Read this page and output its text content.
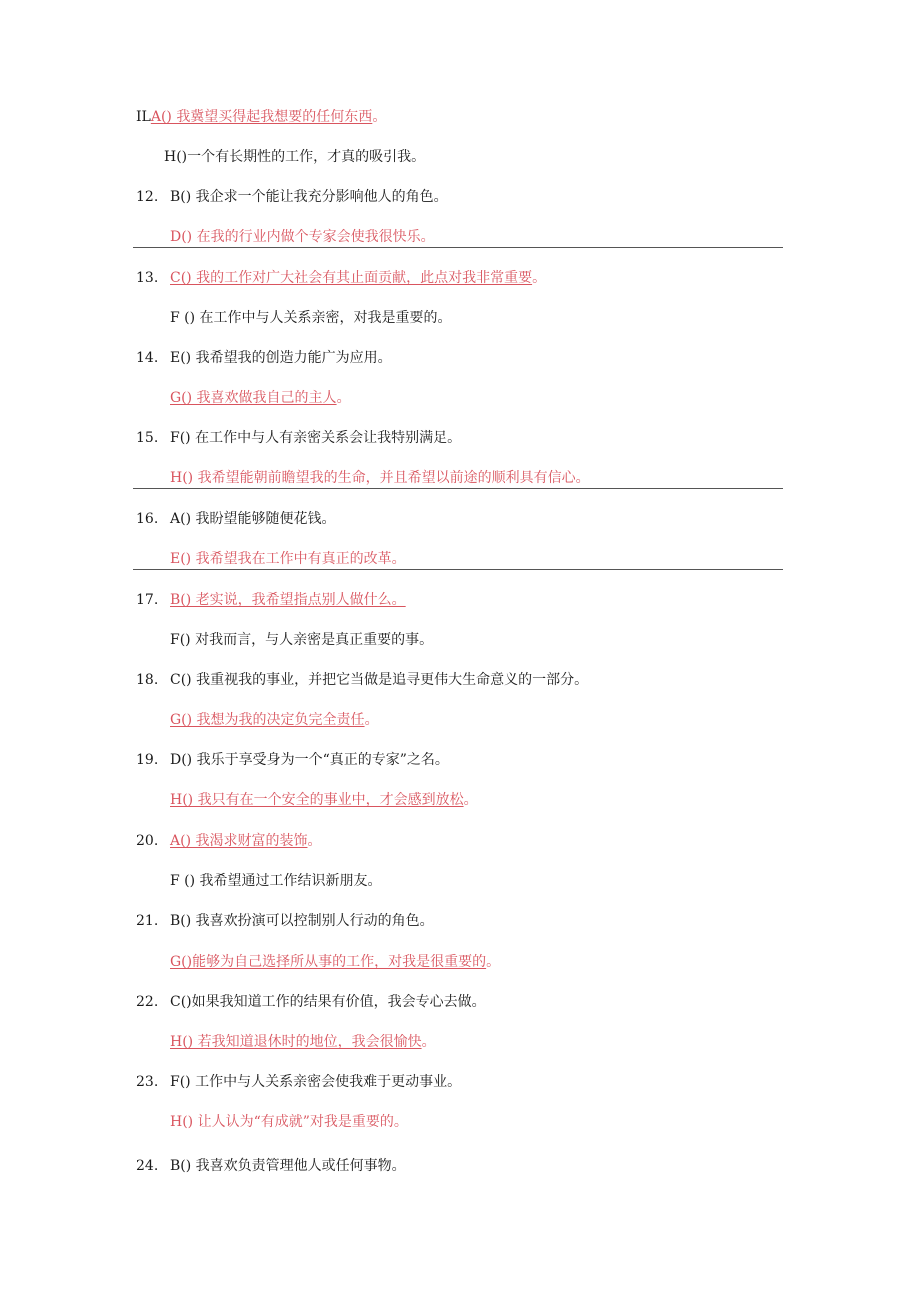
ILA() 我冀望买得起我想要的任何东西。
H()一个有长期性的工作，才真的吸引我。
12. B() 我企求一个能让我充分影响他人的角色。
D() 在我的行业内做个专家会使我很快乐。
13. C() 我的工作对广大社会有其止面贡献，此点对我非常重要。
F () 在工作中与人关系亲密，对我是重要的。
14. E() 我希望我的创造力能广为应用。
G() 我喜欢做我自己的主人。
15. F() 在工作中与人有亲密关系会让我特别满足。
H() 我希望能朝前瞻望我的生命，并且希望以前途的顺利具有信心。
16. A() 我盼望能够随便花钱。
E() 我希望我在工作中有真正的改革。
17. B() 老实说，我希望指点别人做什么。
F() 对我而言，与人亲密是真正重要的事。
18. C() 我重视我的事业，并把它当做是追寻更伟大生命意义的一部分。
G() 我想为我的决定负完全责任。
19. D() 我乐于享受身为一个“真正的专家”之名。
H() 我只有在一个安全的事业中，才会感到放松。
20. A() 我渴求财富的装饰。
F () 我希望通过工作结识新朋友。
21. B() 我喜欢扮演可以控制别人行动的角色。
G()能够为自己选择所从事的工作，对我是很重要的。
22. C()如果我知道工作的结果有价值，我会专心去做。
H() 若我知道退休时的地位，我会很愉快。
23. F() 工作中与人关系亲密会使我难于更动事业。
H() 让人认为“有成就”对我是重要的。
24. B() 我喜欢负责管理他人或任何事物。
